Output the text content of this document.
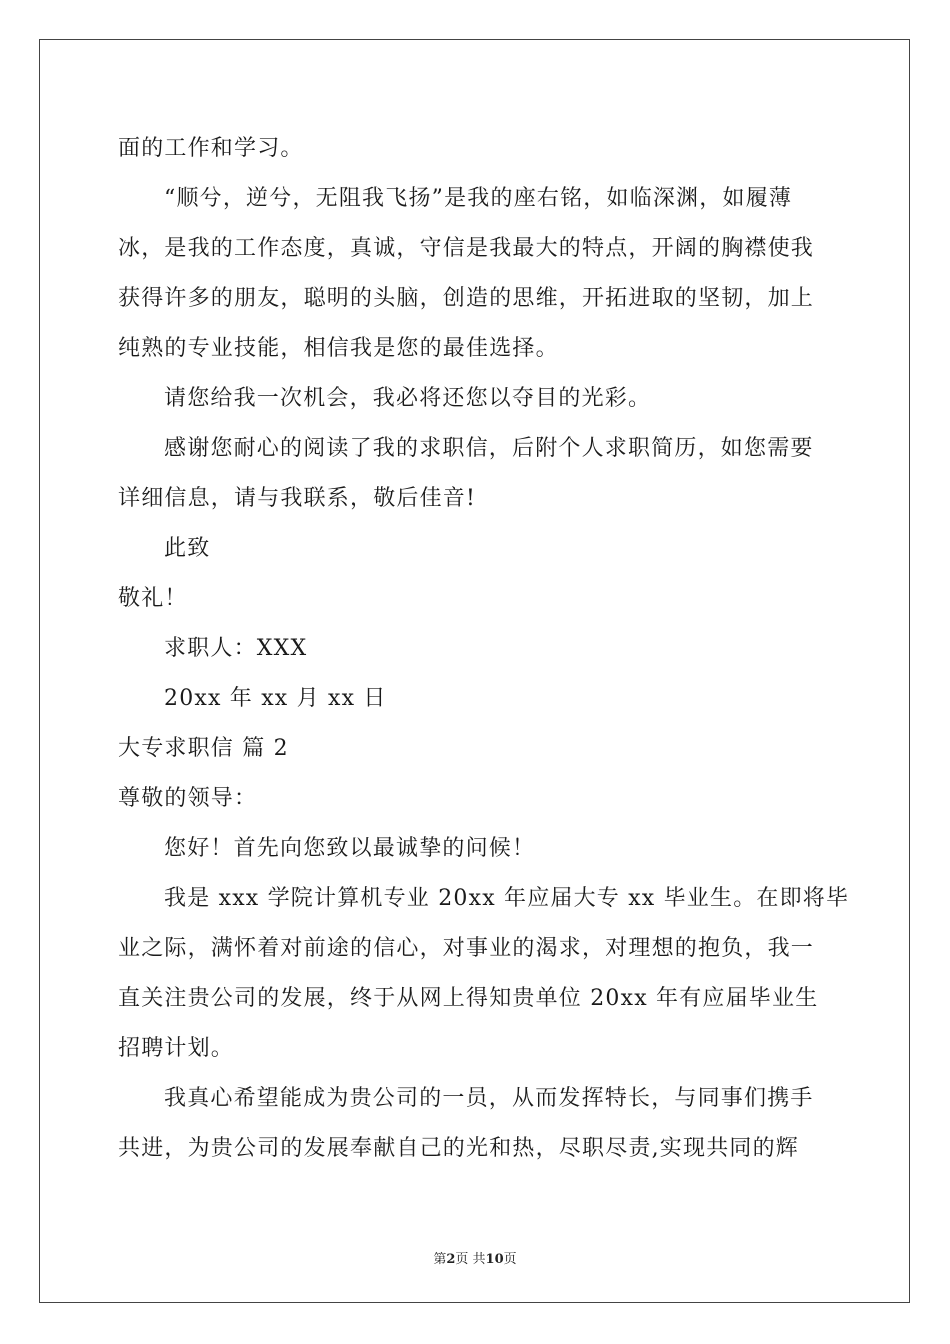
面的工作和学习。
“顺兮，逆兮，无阻我飞扬”是我的座右铭，如临深渊，如履薄
冰，是我的工作态度，真诚，守信是我最大的特点，开阔的胸襟使我
获得许多的朋友，聪明的头脑，创造的思维，开拓进取的坚韧，加上
纯熟的专业技能，相信我是您的最佳选择。
请您给我一次机会，我必将还您以夺目的光彩。
感谢您耐心的阅读了我的求职信，后附个人求职简历，如您需要
详细信息，请与我联系，敬后佳音!
此致
敬礼！
求职人：XXX
20xx 年 xx 月 xx 日
大专求职信 篇 2
尊敬的领导：
您好！首先向您致以最诚挚的问候！
我是 xxx 学院计算机专业 20xx 年应届大专 xx 毕业生。在即将毕
业之际，满怀着对前途的信心，对事业的渴求，对理想的抱负，我一
直关注贵公司的发展，终于从网上得知贵单位 20xx 年有应届毕业生
招聘计划。
我真心希望能成为贵公司的一员，从而发挥特长，与同事们携手
共进，为贵公司的发展奉献自己的光和热，尽职尽责,实现共同的辉
第2页 共10页
